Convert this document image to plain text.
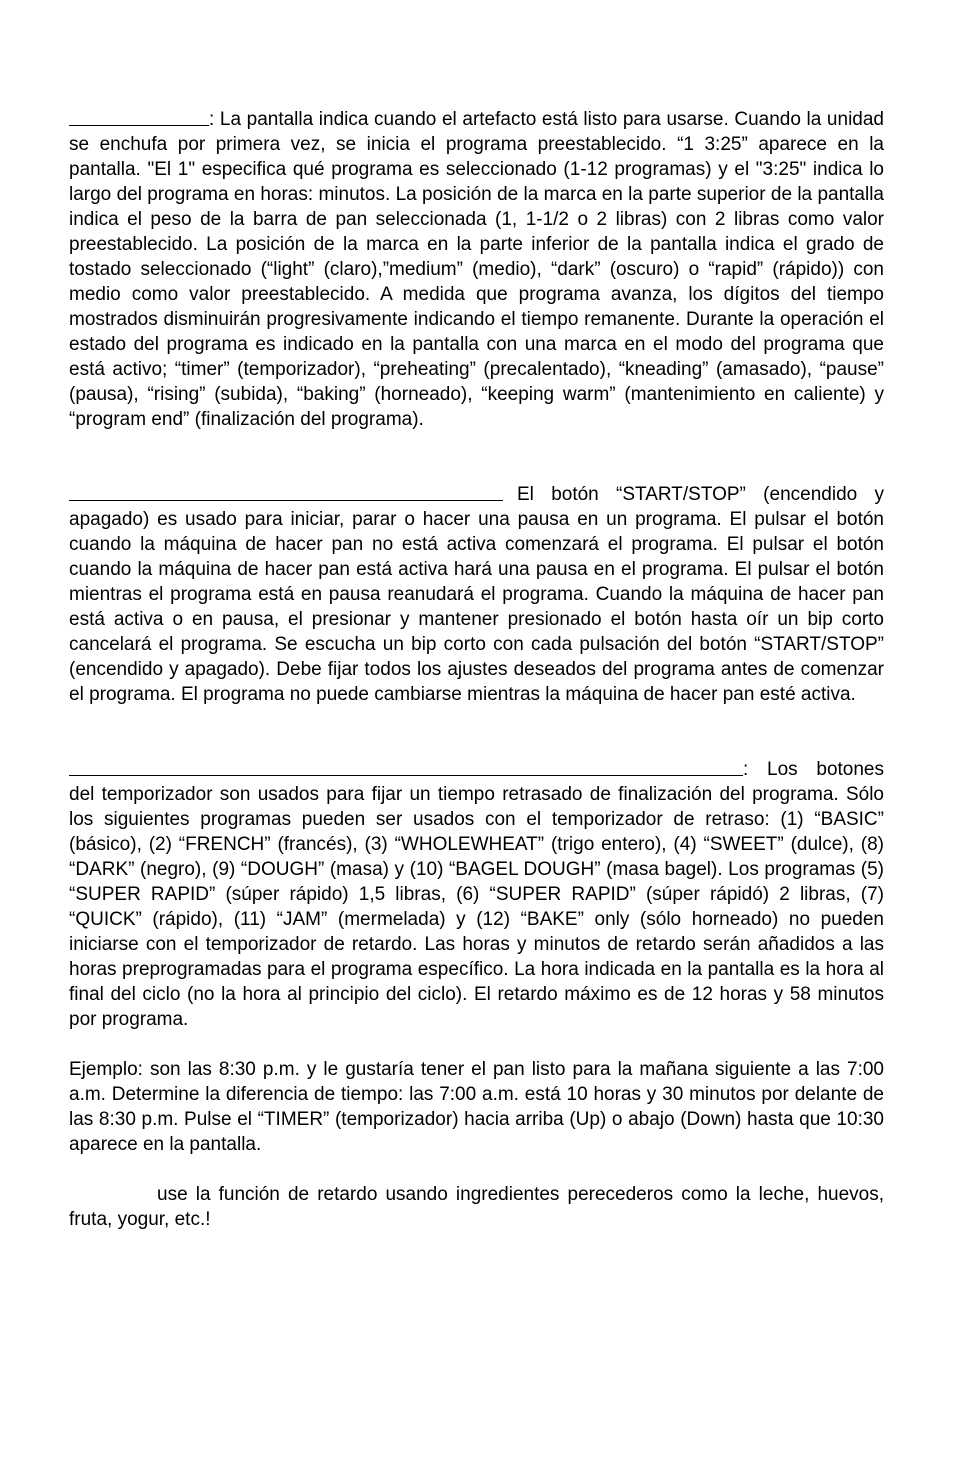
: La pantalla indica cuando el artefacto está listo para usarse. Cuando la unidad se enchufa por primera vez, se inicia el programa preestablecido. “1 3:25” aparece en la pantalla. "El 1" especifica qué programa es seleccionado (1-12 programas) y el "3:25" indica lo largo del programa en horas: minutos. La posición de la marca en la parte superior de la pantalla indica el peso de la barra de pan seleccionada (1, 1-1/2 o 2 libras) con 2 libras como valor preestablecido. La posición de la marca en la parte inferior de la pantalla indica el grado de tostado seleccionado (“light” (claro),”medium” (medio), “dark” (oscuro) o “rapid” (rápido)) con medio como valor preestablecido. A medida que programa avanza, los dígitos del tiempo mostrados disminuirán progresivamente indicando el tiempo remanente. Durante la operación el estado del programa es indicado en la pantalla con una marca en el modo del programa que está activo; “timer” (temporizador), “preheating” (precalentado), “kneading” (amasado), “pause” (pausa), “rising” (subida), “baking” (horneado), “keeping warm” (mantenimiento en caliente) y “program end” (finalización del programa).

El botón “START/STOP” (encendido y apagado) es usado para iniciar, parar o hacer una pausa en un programa. El pulsar el botón cuando la máquina de hacer pan no está activa comenzará el programa. El pulsar el botón cuando la máquina de hacer pan está activa hará una pausa en el programa. El pulsar el botón mientras el programa está en pausa reanudará el programa. Cuando la máquina de hacer pan está activa o en pausa, el presionar y mantener presionado el botón hasta oír un bip corto cancelará el programa. Se escucha un bip corto con cada pulsación del botón “START/STOP” (encendido y apagado). Debe fijar todos los ajustes deseados del programa antes de comenzar el programa. El programa no puede cambiarse mientras la máquina de hacer pan esté activa.

: Los botones del temporizador son usados para fijar un tiempo retrasado de finalización del programa. Sólo los siguientes programas pueden ser usados con el temporizador de retraso: (1) “BASIC” (básico), (2) “FRENCH” (francés), (3) “WHOLEWHEAT” (trigo entero), (4) “SWEET” (dulce), (8) “DARK” (negro), (9) “DOUGH” (masa) y (10) “BAGEL DOUGH” (masa bagel). Los programas (5) “SUPER RAPID” (súper rápido) 1,5 libras, (6) “SUPER RAPID” (súper rápidó) 2 libras, (7) “QUICK” (rápido), (11) “JAM” (mermelada) y (12) “BAKE” only (sólo horneado) no pueden iniciarse con el temporizador de retardo. Las horas y minutos de retardo serán añadidos a las horas preprogramadas para el programa específico. La hora indicada en la pantalla es la hora al final del ciclo (no la hora al principio del ciclo). El retardo máximo es de 12 horas y 58 minutos por programa.

Ejemplo: son las 8:30 p.m. y le gustaría tener el pan listo para la mañana siguiente a las 7:00 a.m. Determine la diferencia de tiempo: las 7:00 a.m. está 10 horas y 30 minutos por delante de las 8:30 p.m. Pulse el “TIMER” (temporizador) hacia arriba (Up) o abajo (Down) hasta que 10:30 aparece en la pantalla.

use la función de retardo usando ingredientes perecederos como la leche, huevos, fruta, yogur, etc.!
